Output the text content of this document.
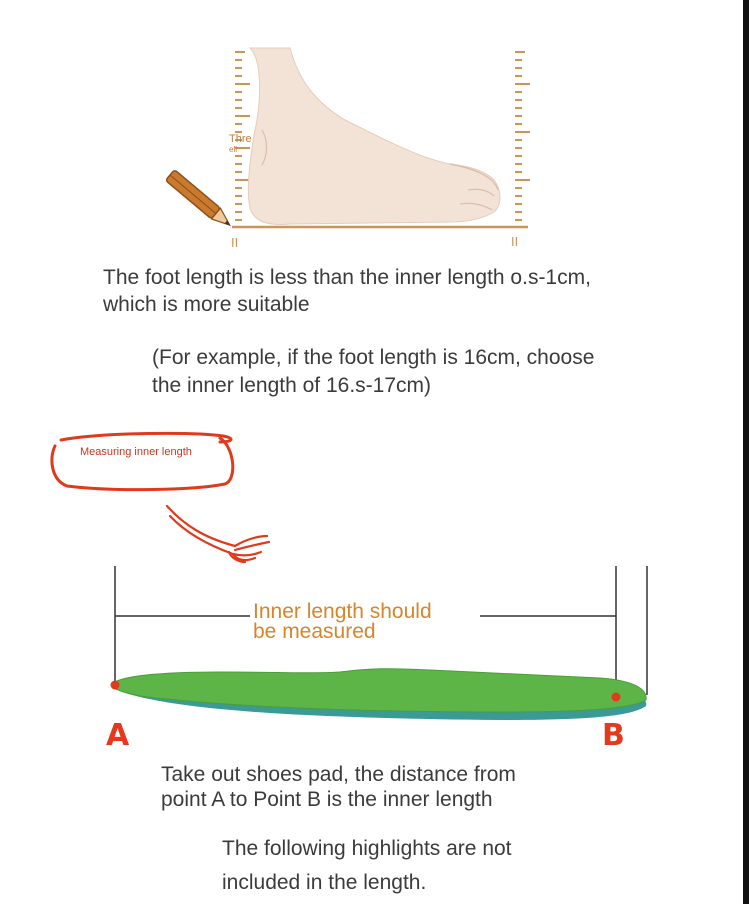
Thre
ell
II	II
The foot length is less than the inner length o.s-1cm,
which is more suitable
(For example, if the foot length is 16cm, choose
the inner length of 16.s-17cm)
Measuring inner length
Inner length should
be measured
A	B
Take out shoes pad, the distance from
point A to Point B is the inner length
The following highlights are not
included in the length.
